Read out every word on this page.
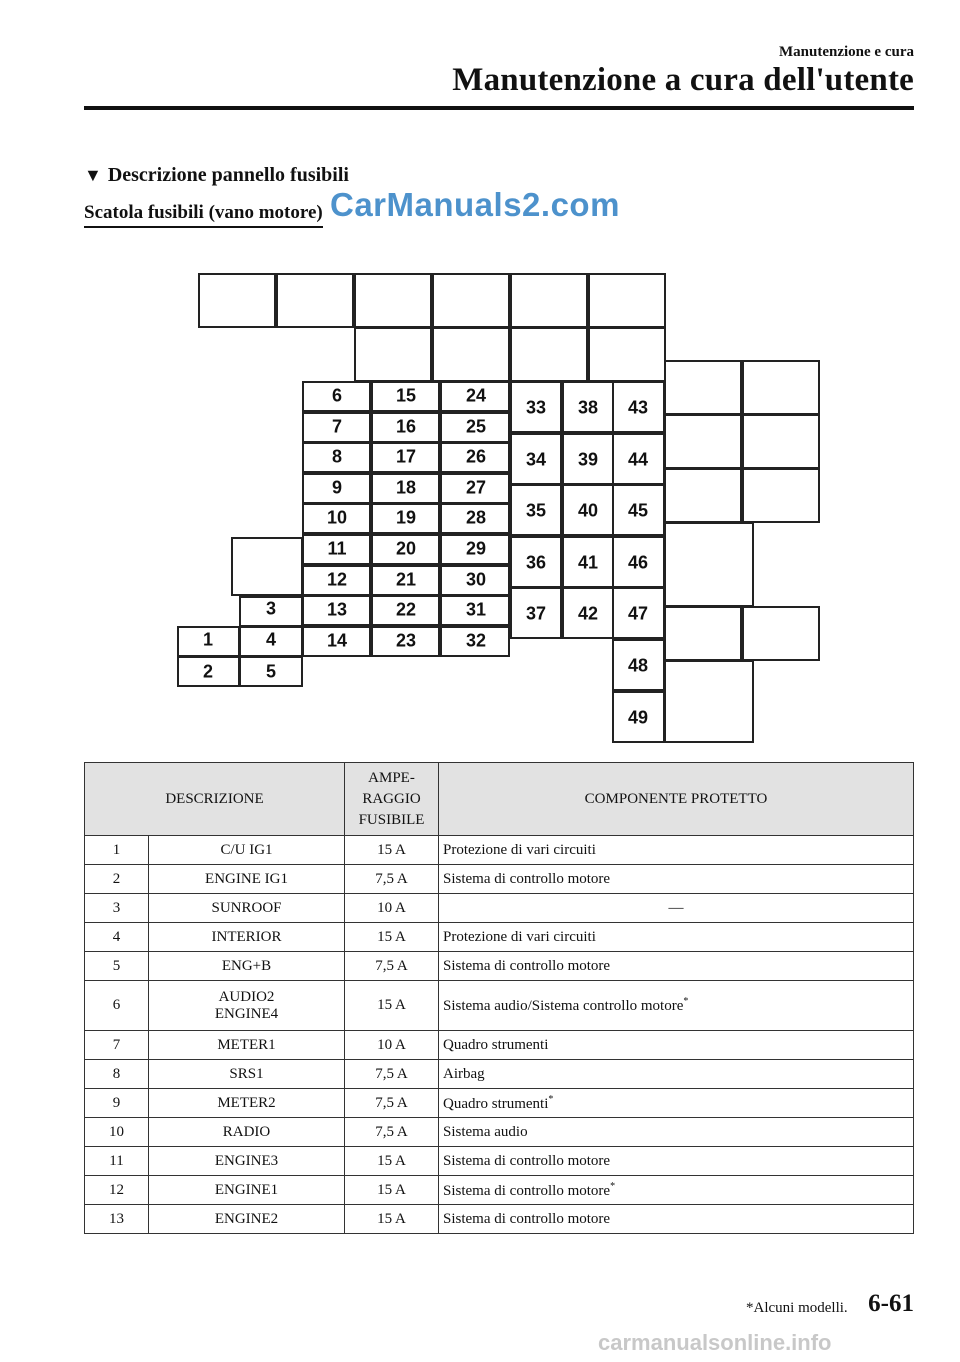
Manutenzione e cura
Manutenzione a cura dell'utente
▼ Descrizione pannello fusibili
Scatola fusibili (vano motore) CarManuals2.com
1
2
3
4
5
6
7
8
9
10
11
12
13
14
15
16
17
18
19
20
21
22
23
24
25
26
27
28
29
30
31
32
33
34
35
36
37
38
39
40
41
42
43
44
45
46
47
48
49
DESCRIZIONE		AMPE-
RAGGIO
FUSIBILE	COMPONENTE PROTETTO
1	C/U IG1	15 A	Protezione di vari circuiti
2	ENGINE IG1	7,5 A	Sistema di controllo motore
3	SUNROOF	10 A	—
4	INTERIOR	15 A	Protezione di vari circuiti
5	ENG+B	7,5 A	Sistema di controllo motore
6	AUDIO2
ENGINE4	15 A	Sistema audio/Sistema controllo motore*
7	METER1	10 A	Quadro strumenti
8	SRS1	7,5 A	Airbag
9	METER2	7,5 A	Quadro strumenti*
10	RADIO	7,5 A	Sistema audio
11	ENGINE3	15 A	Sistema di controllo motore
12	ENGINE1	15 A	Sistema di controllo motore*
13	ENGINE2	15 A	Sistema di controllo motore
*Alcuni modelli. 6-61
carmanualsonline.info
